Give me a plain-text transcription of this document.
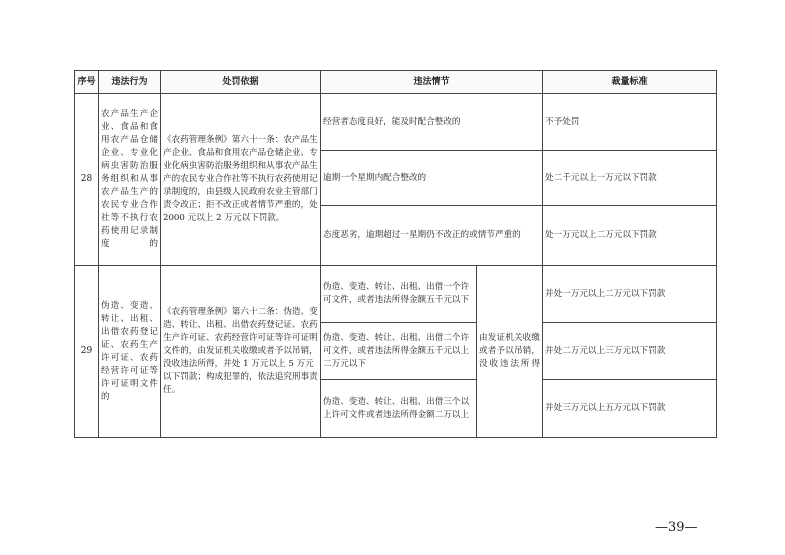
序号	违法行为	处罚依据	违法情节		裁量标准
28	农产品生产企业、食品和食用农产品仓储企业、专业化病虫害防治服务组织和从事农产品生产的农民专业合作社等不执行农药使用记录制度的	《农药管理条例》第六十一条：农产品生产企业、食品和食用农产品仓储企业、专业化病虫害防治服务组织和从事农产品生产的农民专业合作社等不执行农药使用记录制度的，由县级人民政府农业主管部门责令改正；拒不改正或者情节严重的，处 2000 元以上 2 万元以下罚款。	经营者态度良好，能及时配合整改的		不予处罚
			逾期一个星期内配合整改的		处二千元以上一万元以下罚款
			态度恶劣，逾期超过一星期仍不改正的或情节严重的		处一万元以上二万元以下罚款
29	伪造、变造、转让、出租、出借农药登记证、农药生产许可证、农药经营许可证等许可证明文件的	《农药管理条例》第六十二条：伪造、变造、转让、出租、出借农药登记证、农药生产许可证、农药经营许可证等许可证明文件的，由发证机关收缴或者予以吊销，没收违法所得，并处 1 万元以上 5 万元以下罚款；构成犯罪的，依法追究刑事责任。	伪造、变造、转让、出租、出借一个许可文件，或者违法所得金额五千元以下	由发证机关收缴或者予以吊销，没收违法所得	并处一万元以上二万元以下罚款
			伪造、变造、转让、出租、出借二个许可文件，或者违法所得金额五千元以上二万元以下		并处二万元以上三万元以下罚款
			伪造、变造、转让、出租、出借三个以上许可文件或者违法所得金额二万以上		并处三万元以上五万元以下罚款
—39—
